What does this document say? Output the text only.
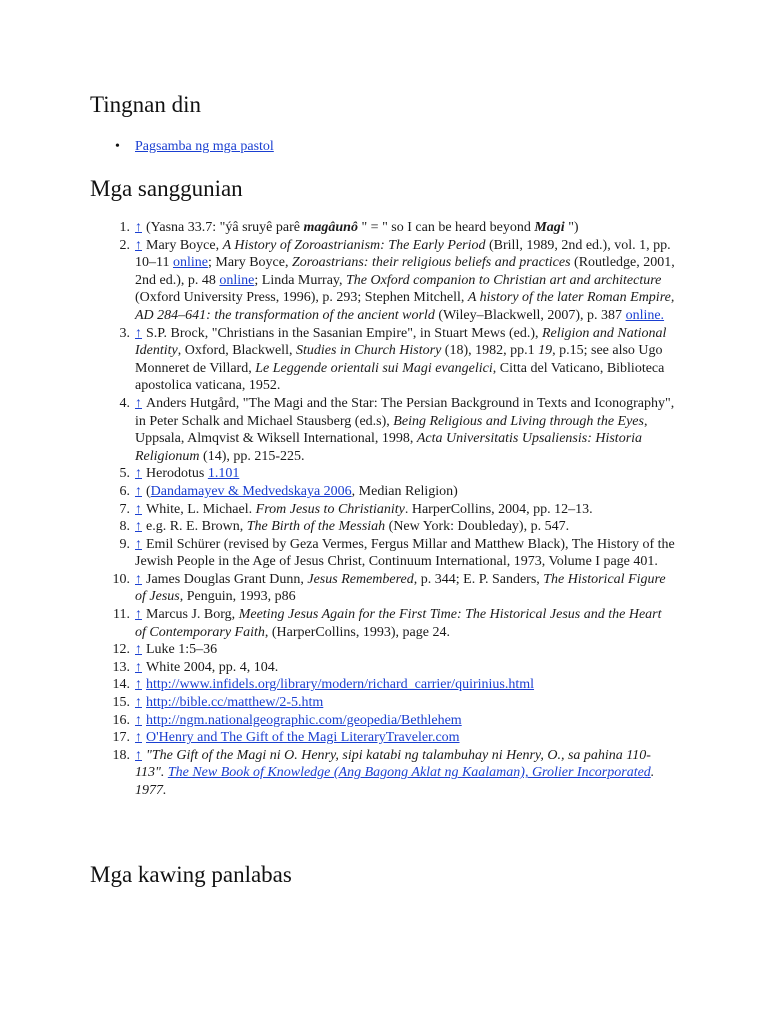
Tingnan din
• Pagsamba ng mga pastol
Mga sanggunian
1. ↑ (Yasna 33.7: "ýâ sruyê parê magâunô " = " so I can be heard beyond Magi ")
2. ↑ Mary Boyce, A History of Zoroastrianism: The Early Period (Brill, 1989, 2nd ed.), vol. 1, pp. 10–11 online; Mary Boyce, Zoroastrians: their religious beliefs and practices (Routledge, 2001, 2nd ed.), p. 48 online; Linda Murray, The Oxford companion to Christian art and architecture (Oxford University Press, 1996), p. 293; Stephen Mitchell, A history of the later Roman Empire, AD 284–641: the transformation of the ancient world (Wiley–Blackwell, 2007), p. 387 online.
3. ↑ S.P. Brock, "Christians in the Sasanian Empire", in Stuart Mews (ed.), Religion and National Identity, Oxford, Blackwell, Studies in Church History (18), 1982, pp.1 19, p.15; see also Ugo Monneret de Villard, Le Leggende orientali sui Magi evangelici, Citta del Vaticano, Biblioteca apostolica vaticana, 1952.
4. ↑ Anders Hutgård, "The Magi and the Star: The Persian Background in Texts and Iconography", in Peter Schalk and Michael Stausberg (ed.s), Being Religious and Living through the Eyes, Uppsala, Almqvist & Wiksell International, 1998, Acta Universitatis Upsaliensis: Historia Religionum (14), pp. 215-225.
5. ↑ Herodotus 1.101
6. ↑ (Dandamayev & Medvedskaya 2006, Median Religion)
7. ↑ White, L. Michael. From Jesus to Christianity. HarperCollins, 2004, pp. 12–13.
8. ↑ e.g. R. E. Brown, The Birth of the Messiah (New York: Doubleday), p. 547.
9. ↑ Emil Schürer (revised by Geza Vermes, Fergus Millar and Matthew Black), The History of the Jewish People in the Age of Jesus Christ, Continuum International, 1973, Volume I page 401.
10. ↑ James Douglas Grant Dunn, Jesus Remembered, p. 344; E. P. Sanders, The Historical Figure of Jesus, Penguin, 1993, p86
11. ↑ Marcus J. Borg, Meeting Jesus Again for the First Time: The Historical Jesus and the Heart of Contemporary Faith, (HarperCollins, 1993), page 24.
12. ↑ Luke 1:5–36
13. ↑ White 2004, pp. 4, 104.
14. ↑ http://www.infidels.org/library/modern/richard_carrier/quirinius.html
15. ↑ http://bible.cc/matthew/2-5.htm
16. ↑ http://ngm.nationalgeographic.com/geopedia/Bethlehem
17. ↑ O'Henry and The Gift of the Magi LiteraryTraveler.com
18. ↑ "The Gift of the Magi ni O. Henry, sipi katabi ng talambuhay ni Henry, O., sa pahina 110-113". The New Book of Knowledge (Ang Bagong Aklat ng Kaalaman), Grolier Incorporated. 1977.
Mga kawing panlabas
